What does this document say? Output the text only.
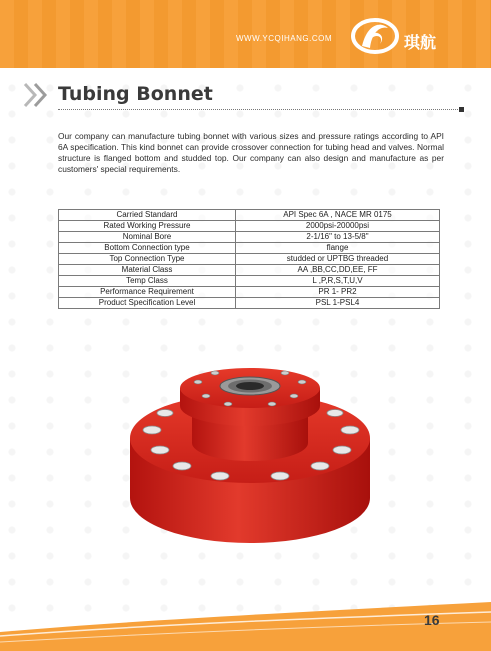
WWW.YCQIHANG.COM	琪航
Tubing Bonnet

Our company can manufacture tubing bonnet with various sizes and pressure ratings according to API 6A specification. This kind bonnet can provide crossover connection for tubing head and valves. Normal structure is flanged bottom and studded top. Our company can also design and manufacture as per customers' special requirements.

Carried Standard	API Spec 6A , NACE MR 0175
Rated Working Pressure	2000psi-20000psi
Nominal Bore	2-1/16" to 13-5/8"
Bottom Connection type	flange
Top Connection Type	studded or UPTBG threaded
Material Class	AA ,BB,CC,DD,EE, FF
Temp Class	L ,P,R,S,T,U,V
Performance Requirement	PR 1- PR2
Product Specification Level	PSL 1-PSL4
16
